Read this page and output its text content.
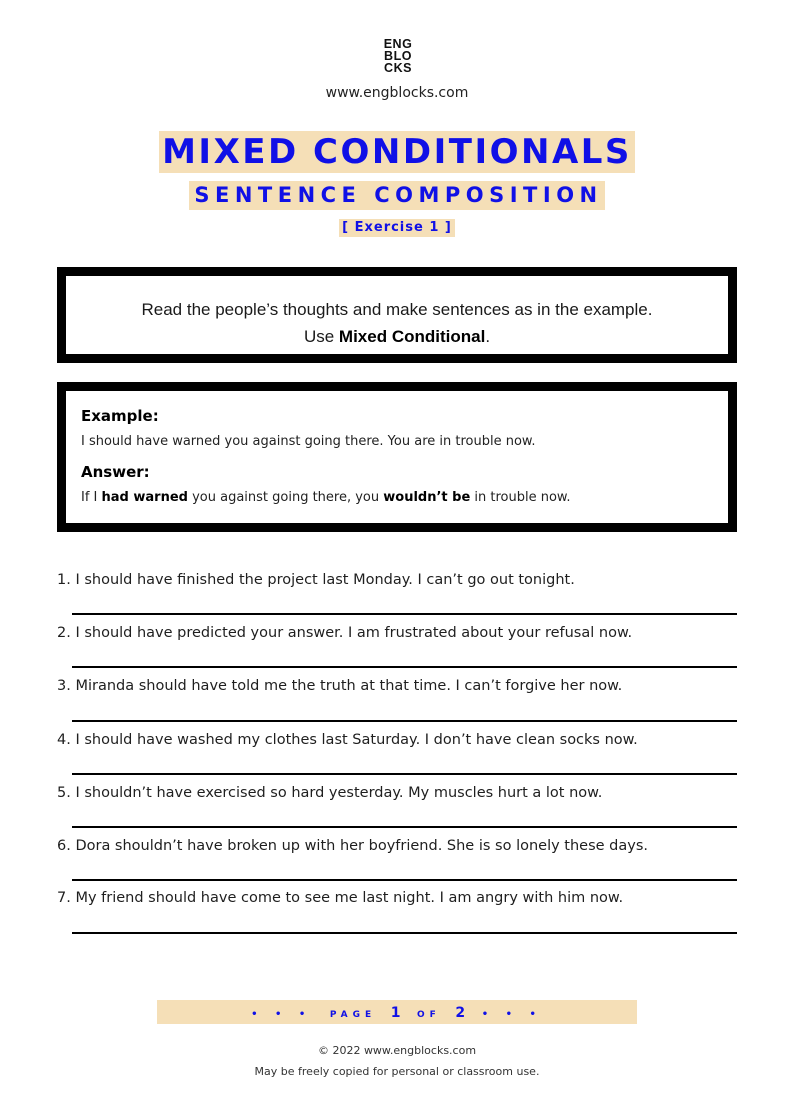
ENG
BLO
CKS
www.engblocks.com
MIXED CONDITIONALS
SENTENCE COMPOSITION
[ Exercise 1 ]
Read the people’s thoughts and make sentences as in the example.
Use Mixed Conditional.
Example:
I should have warned you against going there. You are in trouble now.
Answer:
If I had warned you against going there, you wouldn’t be in trouble now.
1. I should have finished the project last Monday. I can’t go out tonight.
2. I should have predicted your answer. I am frustrated about your refusal now.
3. Miranda should have told me the truth at that time. I can’t forgive her now.
4. I should have washed my clothes last Saturday. I don’t have clean socks now.
5. I shouldn’t have exercised so hard yesterday. My muscles hurt a lot now.
6. Dora shouldn’t have broken up with her boyfriend. She is so lonely these days.
7. My friend should have come to see me last night. I am angry with him now.
• • • PAGE 1 OF 2 • • •
© 2022 www.engblocks.com
May be freely copied for personal or classroom use.
